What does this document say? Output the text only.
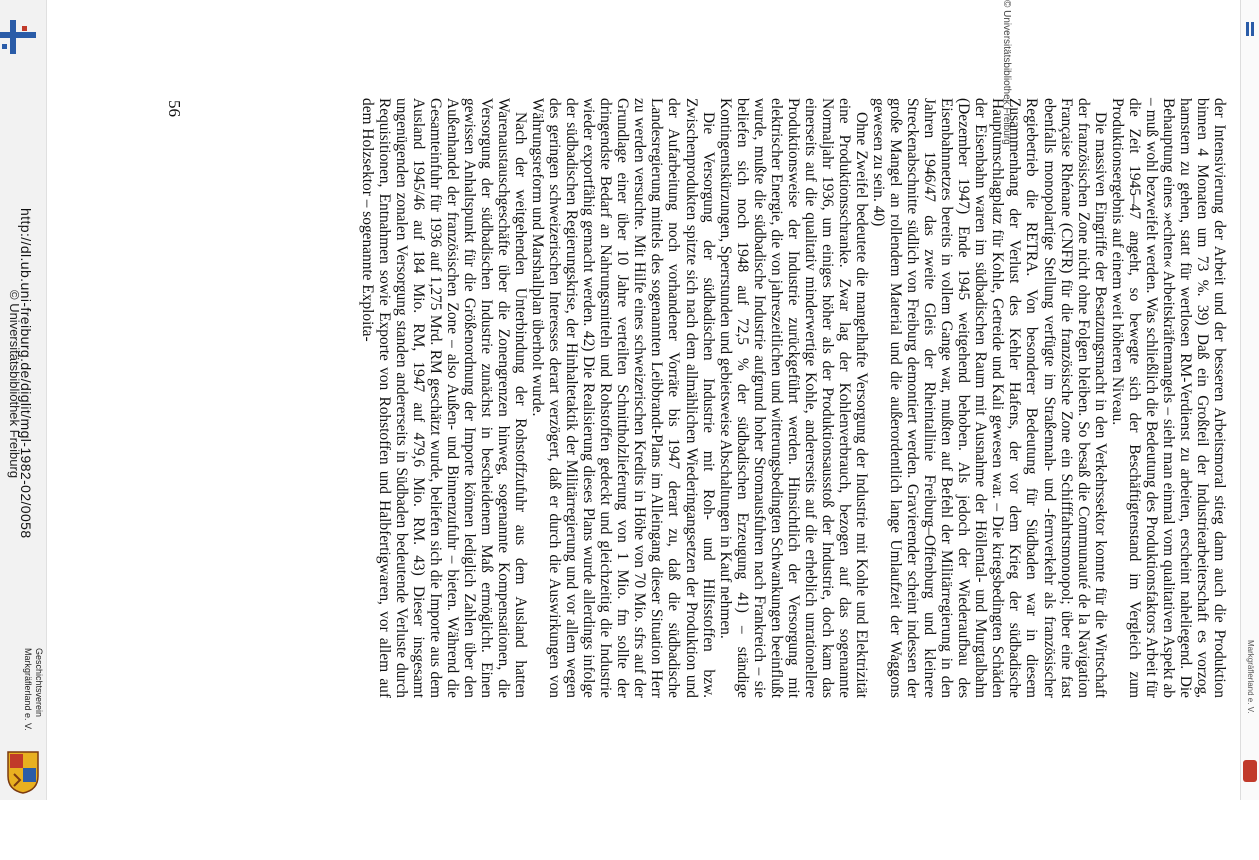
http://dl.ub.uni-freiburg.de/diglit/mgl-1982-02/0058
© Universitätsbibliothek Freiburg
Geschichtsverein
Markgräflerland e. V.
© Universitätsbibliothek Freiburg
Markgräflerland e. V.
56	der Intensivierung der Arbeit und der besseren Arbeitsmoral stieg dann auch die Produktion binnen 4 Monaten um 73 %. 39) Daß ein Großteil der Industriearbeiterschaft es vorzog, hamstern zu gehen, statt für wertlosen RM-Verdienst zu arbeiten, erscheint naheliegend. Die Behauptung eines »echten« Arbeitskräftemangels – sieht man einmal vom qualitativen Aspekt ab – muß wohl bezweifelt werden. Was schließlich die Bedeutung des Produktionsfaktors Arbeit für die Zeit 1945–47 angeht, so bewegte sich der Beschäftigtenstand im Vergleich zum Produktionsergebnis auf einem weit höheren Niveau.

Die massiven Eingriffe der Besatzungsmacht in den Verkehrssektor konnte für die Wirtschaft der französischen Zone nicht ohne Folgen bleiben. So besaß die Communauté de la Navigation Française Rhénane (CNFR) für die französische Zone ein Schifffahrtsmonopol; über eine fast ebenfalls monopolartige Stellung verfügte im Straßennah- und -fernverkehr als französischer Regiebetrieb die RETRA. Von besonderer Bedeutung für Südbaden war in diesem Zusammenhang der Verlust des Kehler Hafens, der vor dem Krieg der südbadische Hauptumschlagplatz für Kohle, Getreide und Kali gewesen war. – Die kriegsbedingten Schäden der Eisenbahn waren im südbadischen Raum mit Ausnahme der Höllental- und Murgtalbahn (Dezember 1947) Ende 1945 weitgehend behoben. Als jedoch der Wiederaufbau des Eisenbahnnetzes bereits in vollem Gange war, mußten auf Befehl der Militärregierung in den Jahren 1946/47 das zweite Gleis der Rheintallinie Freiburg–Offenburg und kleinere Streckenabschnitte südlich von Freiburg demontiert werden. Gravierender scheint indessen der große Mangel an rollendem Material und die außerordentlich lange Umlaufzeit der Waggons gewesen zu sein. 40)

Ohne Zweifel bedeutete die mangelhafte Versorgung der Industrie mit Kohle und Elektrizität eine Produktionsschranke. Zwar lag der Kohlenverbrauch, bezogen auf das sogenannte Normaljahr 1936, um einiges höher als der Produktionsausstoß der Industrie, doch kam das einerseits auf die qualitativ minderwertige Kohle, andererseits auf die erheblich unrationellere Produktionsweise der Industrie zurückgeführt werden. Hinsichtlich der Versorgung mit elektrischer Energie, die von jahreszeitlichen und witterungsbedingten Schwankungen beeinflußt wurde, mußte die südbadische Industrie aufgrund hoher Stromausfuhren nach Frankreich – sie beliefen sich noch 1948 auf 72,5 % der südbadischen Erzeugung 41) – ständige Kontingentskürzungen, Sperrstunden und gebietsweise Abschaltungen in Kauf nehmen.

Die Versorgung der südbadischen Industrie mit Roh- und Hilfsstoffen bzw. Zwischenprodukten spitzte sich nach dem allmählichen Wiederingangsetzen der Produktion und der Aufarbeitung noch vorhandener Vorräte bis 1947 derart zu, daß die südbadische Landesregierung mittels des sogenannten Leibbrandt-Plans im Alleingang dieser Situation Herr zu werden versuchte. Mit Hilfe eines schweizerischen Kredits in Höhe von 70 Mio. sfrs auf der Grundlage einer über 10 Jahre verteilten Schnittholzlieferung von 1 Mio. fm sollte der dringendste Bedarf an Nahrungsmitteln und Rohstoffen gedeckt und gleichzeitig die Industrie wieder exportfähig gemacht werden. 42) Die Realisierung dieses Plans wurde allerdings infolge der südbadischen Regierungskrise, der Hinhaltetaktik der Militärregierung und vor allem wegen des geringen schweizerischen Interesses derart verzögert, daß er durch die Auswirkungen von Währungsreform und Marshallplan überholt wurde.

Nach der weitgehenden Unterbindung der Rohstoffzufuhr aus dem Ausland hatten Warenaustauschgeschäfte über die Zonengrenzen hinweg, sogenannte Kompensationen, die Versorgung der südbadischen Industrie zunächst in bescheidenem Maß ermöglicht. Einen gewissen Anhaltspunkt für die Größenordnung der Importe können lediglich Zahlen über den Außenhandel der französischen Zone – also Außen- und Binnenzufuhr – bieten. Während die Gesamteinfuhr für 1936 auf 1,275 Mrd. RM geschätzt wurde, beliefen sich die Importe aus dem Ausland 1945/46 auf 184 Mio. RM, 1947 auf 479,6 Mio. RM. 43) Dieser insgesamt ungenügenden zonalen Versorgung standen andererseits in Südbaden bedeutende Verluste durch Requisitionen, Entnahmen sowie Exporte von Rohstoffen und Halbfertigwaren, vor allem auf dem Holzsektor – sogenannte Exploita-
